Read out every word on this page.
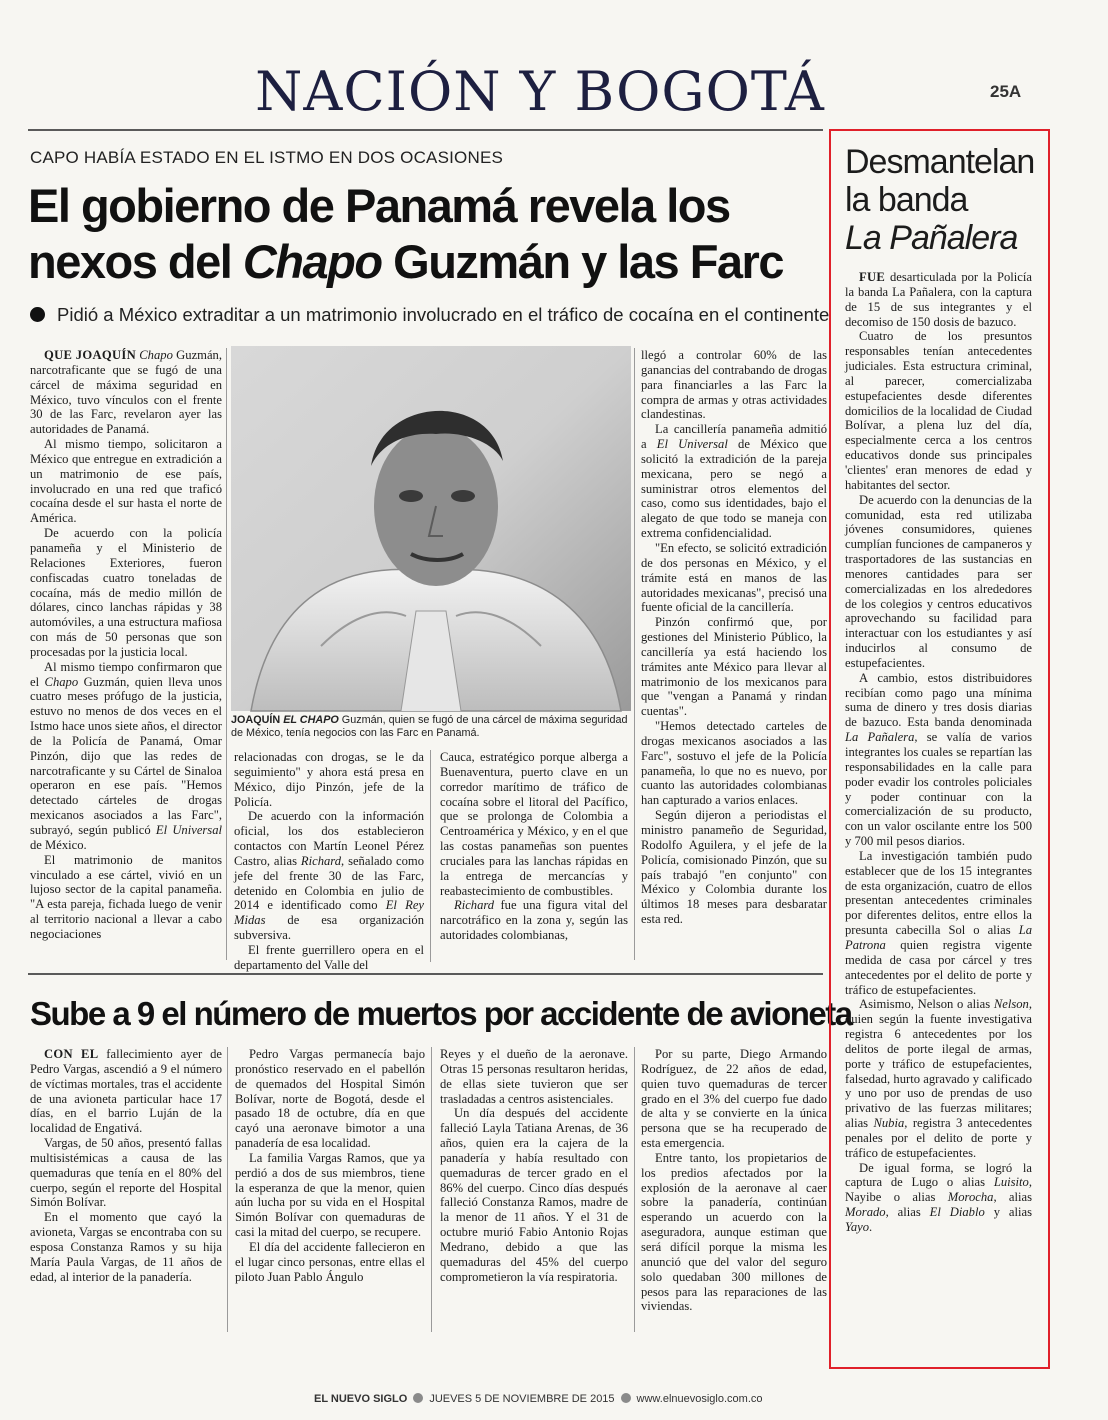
NACIÓN Y BOGOTÁ	25A
CAPO HABÍA ESTADO EN EL ISTMO EN DOS OCASIONES
El gobierno de Panamá revela los
nexos del Chapo Guzmán y las Farc
Pidió a México extraditar a un matrimonio involucrado en el tráfico de cocaína en el continente

QUE JOAQUÍN Chapo Guzmán, narcotraficante que se fugó de una cárcel de máxima seguridad en México, tuvo vínculos con el frente 30 de las Farc, revelaron ayer las autoridades de Panamá.

Al mismo tiempo, solicitaron a México que entregue en extradición a un matrimonio de ese país, involucrado en una red que traficó cocaína desde el sur hasta el norte de América.

De acuerdo con la policía panameña y el Ministerio de Relaciones Exteriores, fueron confiscadas cuatro toneladas de cocaína, más de medio millón de dólares, cinco lanchas rápidas y 38 automóviles, a una estructura mafiosa con más de 50 personas que son procesadas por la justicia local.

Al mismo tiempo confirmaron que el Chapo Guzmán, quien lleva unos cuatro meses prófugo de la justicia, estuvo no menos de dos veces en el Istmo hace unos siete años, el director de la Policía de Panamá, Omar Pinzón, dijo que las redes de narcotraficante y su Cártel de Sinaloa operaron en ese país. "Hemos detectado cárteles de drogas mexicanos asociados a las Farc", subrayó, según publicó El Universal de México.

El matrimonio de manitos vinculado a ese cártel, vivió en un lujoso sector de la capital panameña. "A esta pareja, fichada luego de venir al territorio nacional a llevar a cabo negociaciones

JOAQUÍN EL CHAPO Guzmán, quien se fugó de una cárcel de máxima seguridad de México, tenía negocios con las Farc en Panamá.

relacionadas con drogas, se le da seguimiento" y ahora está presa en México, dijo Pinzón, jefe de la Policía.

De acuerdo con la información oficial, los dos establecieron contactos con Martín Leonel Pérez Castro, alias Richard, señalado como jefe del frente 30 de las Farc, detenido en Colombia en julio de 2014 e identificado como El Rey Midas de esa organización subversiva.

El frente guerrillero opera en el departamento del Valle del

Cauca, estratégico porque alberga a Buenaventura, puerto clave en un corredor marítimo de tráfico de cocaína sobre el litoral del Pacífico, que se prolonga de Colombia a Centroamérica y México, y en el que las costas panameñas son puentes cruciales para las lanchas rápidas en la entrega de mercancías y reabastecimiento de combustibles.

Richard fue una figura vital del narcotráfico en la zona y, según las autoridades colombianas,

llegó a controlar 60% de las ganancias del contrabando de drogas para financiarles a las Farc la compra de armas y otras actividades clandestinas.

La cancillería panameña admitió a El Universal de México que solicitó la extradición de la pareja mexicana, pero se negó a suministrar otros elementos del caso, como sus identidades, bajo el alegato de que todo se maneja con extrema confidencialidad.

"En efecto, se solicitó extradición de dos personas en México, y el trámite está en manos de las autoridades mexicanas", precisó una fuente oficial de la cancillería.

Pinzón confirmó que, por gestiones del Ministerio Público, la cancillería ya está haciendo los trámites ante México para llevar al matrimonio de los mexicanos para que "vengan a Panamá y rindan cuentas".

"Hemos detectado carteles de drogas mexicanos asociados a las Farc", sostuvo el jefe de la Policía panameña, lo que no es nuevo, por cuanto las autoridades colombianas han capturado a varios enlaces.

Según dijeron a periodistas el ministro panameño de Seguridad, Rodolfo Aguilera, y el jefe de la Policía, comisionado Pinzón, que su país trabajó "en conjunto" con México y Colombia durante los últimos 18 meses para desbaratar esta red.

Sube a 9 el número de muertos por accidente de avioneta

CON EL fallecimiento ayer de Pedro Vargas, ascendió a 9 el número de víctimas mortales, tras el accidente de una avioneta particular hace 17 días, en el barrio Luján de la localidad de Engativá.

Vargas, de 50 años, presentó fallas multisistémicas a causa de las quemaduras que tenía en el 80% del cuerpo, según el reporte del Hospital Simón Bolívar.

En el momento que cayó la avioneta, Vargas se encontraba con su esposa Constanza Ramos y su hija María Paula Vargas, de 11 años de edad, al interior de la panadería.

Pedro Vargas permanecía bajo pronóstico reservado en el pabellón de quemados del Hospital Simón Bolívar, norte de Bogotá, desde el pasado 18 de octubre, día en que cayó una aeronave bimotor a una panadería de esa localidad.

La familia Vargas Ramos, que ya perdió a dos de sus miembros, tiene la esperanza de que la menor, quien aún lucha por su vida en el Hospital Simón Bolívar con quemaduras de casi la mitad del cuerpo, se recupere.

El día del accidente fallecieron en el lugar cinco personas, entre ellas el piloto Juan Pablo Ángulo

Reyes y el dueño de la aeronave. Otras 15 personas resultaron heridas, de ellas siete tuvieron que ser trasladadas a centros asistenciales.

Un día después del accidente falleció Layla Tatiana Arenas, de 36 años, quien era la cajera de la panadería y había resultado con quemaduras de tercer grado en el 86% del cuerpo. Cinco días después falleció Constanza Ramos, madre de la menor de 11 años. Y el 31 de octubre murió Fabio Antonio Rojas Medrano, debido a que las quemaduras del 45% del cuerpo comprometieron la vía respiratoria.

Por su parte, Diego Armando Rodríguez, de 22 años de edad, quien tuvo quemaduras de tercer grado en el 3% del cuerpo fue dado de alta y se convierte en la única persona que se ha recuperado de esta emergencia.

Entre tanto, los propietarios de los predios afectados por la explosión de la aeronave al caer sobre la panadería, continúan esperando un acuerdo con la aseguradora, aunque estiman que será difícil porque la misma les anunció que del valor del seguro solo quedaban 300 millones de pesos para las reparaciones de las viviendas.

Desmantelan
la banda
La Pañalera

FUE desarticulada por la Policía la banda La Pañalera, con la captura de 15 de sus integrantes y el decomiso de 150 dosis de bazuco.

Cuatro de los presuntos responsables tenían antecedentes judiciales. Esta estructura criminal, al parecer, comercializaba estupefacientes desde diferentes domicilios de la localidad de Ciudad Bolívar, a plena luz del día, especialmente cerca a los centros educativos donde sus principales 'clientes' eran menores de edad y habitantes del sector.

De acuerdo con la denuncias de la comunidad, esta red utilizaba jóvenes consumidores, quienes cumplían funciones de campaneros y trasportadores de las sustancias en menores cantidades para ser comercializadas en los alrededores de los colegios y centros educativos aprovechando su facilidad para interactuar con los estudiantes y así inducirlos al consumo de estupefacientes.

A cambio, estos distribuidores recibían como pago una mínima suma de dinero y tres dosis diarias de bazuco. Esta banda denominada La Pañalera, se valía de varios integrantes los cuales se repartían las responsabilidades en la calle para poder evadir los controles policiales y poder continuar con la comercialización de su producto, con un valor oscilante entre los 500 y 700 mil pesos diarios.

La investigación también pudo establecer que de los 15 integrantes de esta organización, cuatro de ellos presentan antecedentes criminales por diferentes delitos, entre ellos la presunta cabecilla Sol o alias La Patrona quien registra vigente medida de casa por cárcel y tres antecedentes por el delito de porte y tráfico de estupefacientes.

Asimismo, Nelson o alias Nelson, quien según la fuente investigativa registra 6 antecedentes por los delitos de porte ilegal de armas, porte y tráfico de estupefacientes, falsedad, hurto agravado y calificado y uno por uso de prendas de uso privativo de las fuerzas militares; alias Nubia, registra 3 antecedentes penales por el delito de porte y tráfico de estupefacientes.

De igual forma, se logró la captura de Lugo o alias Luisito, Nayibe o alias Morocha, alias Morado, alias El Diablo y alias Yayo.

EL NUEVO SIGLO JUEVES 5 DE NOVIEMBRE DE 2015 www.elnuevosiglo.com.co
